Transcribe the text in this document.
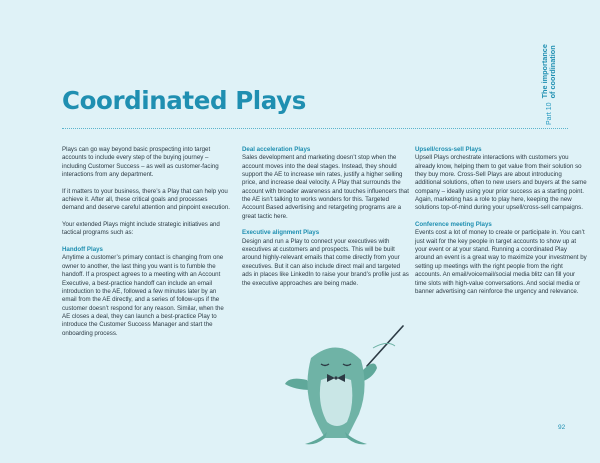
Coordinated Plays	Part 10
The importance of coordination

Plays can go way beyond basic prospecting into target accounts to include every step of the buying journey – including Customer Success – as well as customer-facing interactions from any department.

If it matters to your business, there’s a Play that can help you achieve it. After all, these critical goals and processes demand and deserve careful attention and pinpoint execution.

Your extended Plays might include strategic initiatives and tactical programs such as:

Handoff Plays

Anytime a customer’s primary contact is changing from one owner to another, the last thing you want is to fumble the handoff. If a prospect agrees to a meeting with an Account Executive, a best-practice handoff can include an email introduction to the AE, followed a few minutes later by an email from the AE directly, and a series of follow-ups if the customer doesn’t respond for any reason. Similar, when the AE closes a deal, they can launch a best-practice Play to introduce the Customer Success Manager and start the onboarding process.

Deal acceleration Plays

Sales development and marketing doesn’t stop when the account moves into the deal stages. Instead, they should support the AE to increase win rates, justify a higher selling price, and increase deal velocity. A Play that surrounds the account with broader awareness and touches influencers that the AE isn’t talking to works wonders for this. Targeted Account Based advertising and retargeting programs are a great tactic here.

Executive alignment Plays

Design and run a Play to connect your executives with executives at customers and prospects. This will be built around highly-relevant emails that come directly from your executives. But it can also include direct mail and targeted ads in places like LinkedIn to raise your brand’s profile just as the executive approaches are being made.

Upsell/cross-sell Plays

Upsell Plays orchestrate interactions with customers you already know, helping them to get value from their solution so they buy more. Cross-Sell Plays are about introducing additional solutions, often to new users and buyers at the same company – ideally using your prior success as a starting point. Again, marketing has a role to play here, keeping the new solutions top-of-mind during your upsell/cross-sell campaigns.

Conference meeting Plays

Events cost a lot of money to create or participate in. You can’t just wait for the key people in target accounts to show up at your event or at your stand. Running a coordinated Play around an event is a great way to maximize your investment by setting up meetings with the right people from the right accounts. An email/voicemail/social media blitz can fill your time slots with high-value conversations. And social media or banner advertising can reinforce the urgency and relevance.

92
